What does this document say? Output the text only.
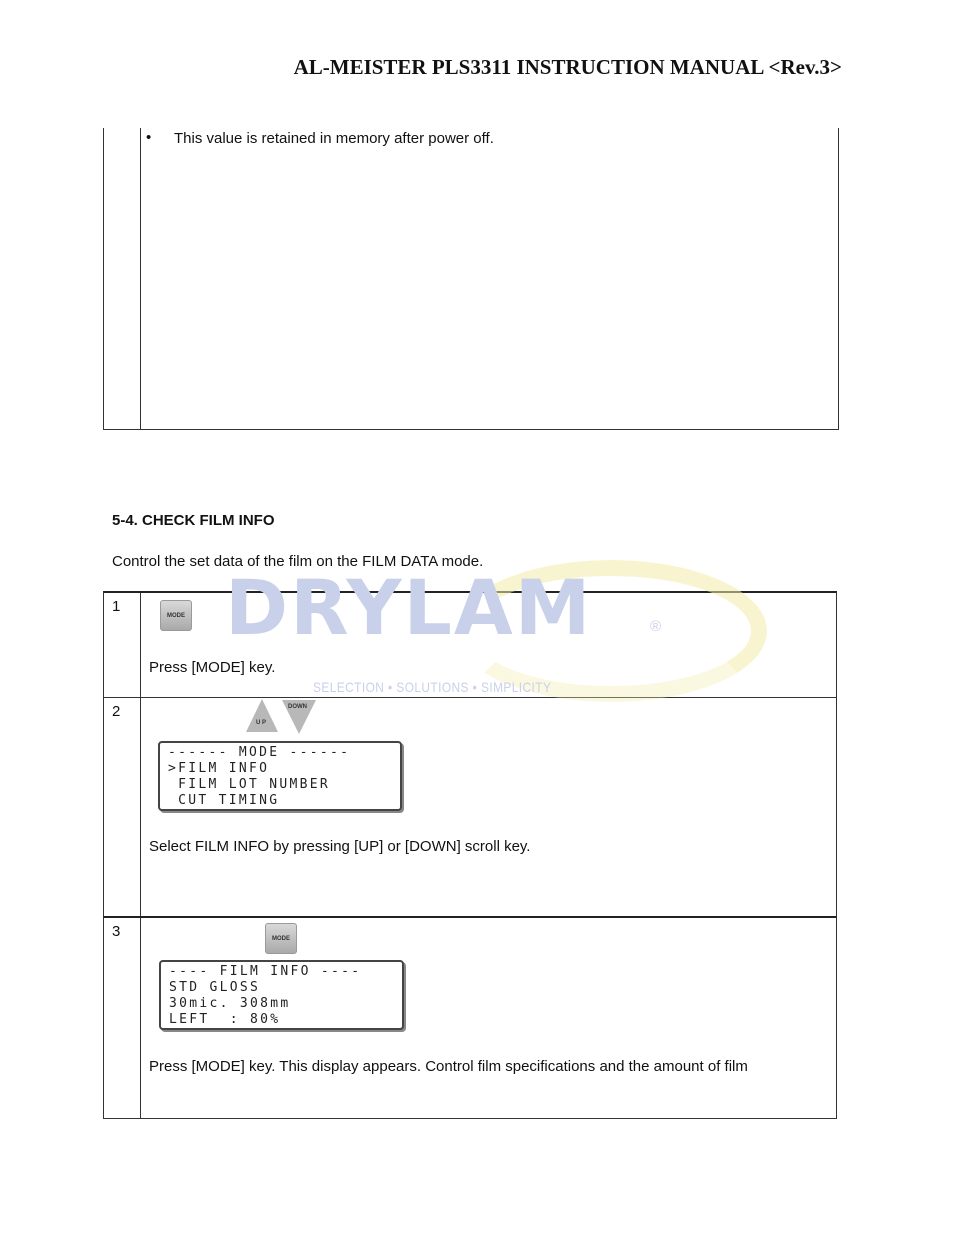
AL-MEISTER PLS3311 INSTRUCTION MANUAL <Rev.3>
• This value is retained in memory after power off.
5-4. CHECK FILM INFO
Control the set data of the film on the FILM DATA mode.
1
MODE
Press [MODE] key.
2
U P
DOWN
------ MODE ------
>FILM INFO
FILM LOT NUMBER
CUT TIMING
Select FILM INFO by pressing [UP] or [DOWN] scroll key.
3	MODE
---- FILM INFO ----
STD GLOSS
30mic. 308mm
LEFT  : 80%
Press [MODE] key. This display appears. Control film specifications and the amount of film
DRYLAM	®
SELECTION • SOLUTIONS • SIMPLICITY
